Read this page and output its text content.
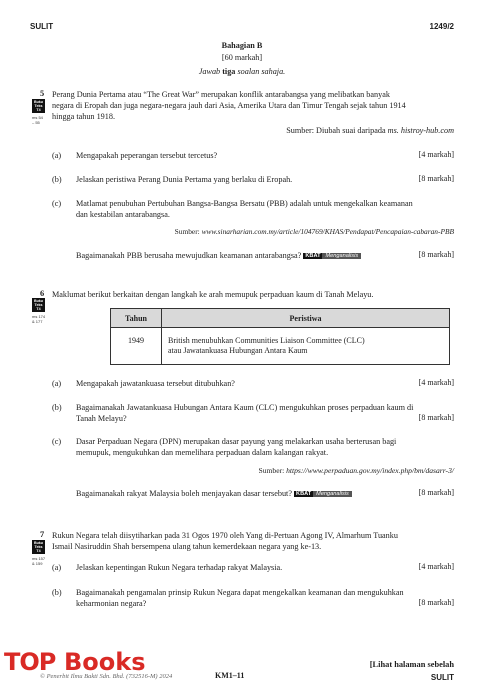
SULIT	1249/2
Bahagian B
[60 markah]
Jawab tiga soalan sahaja.
5
Buku
Teks
T4
ms 54
– 55
Perang Dunia Pertama atau “The Great War” merupakan konflik antarabangsa yang melibatkan banyak
negara di Eropah dan juga negara-negara jauh dari Asia, Amerika Utara dan Timur Tengah sejak tahun 1914
hingga tahun 1918.
Sumber: Diubah suai daripada ms. histroy-hub.com
(a) Mengapakah peperangan tersebut tercetus?	[4 markah]
(b) Jelaskan peristiwa Perang Dunia Pertama yang berlaku di Eropah.	[8 markah]
(c) Matlamat penubuhan Pertubuhan Bangsa-Bangsa Bersatu (PBB) adalah untuk mengekalkan keamanan
dan kestabilan antarabangsa.
Sumber: www.sinarharian.com.my/article/104769/KHAS/Pendapat/Pencapaian-cabaran-PBB
Bagaimanakah PBB berusaha mewujudkan keamanan antarabangsa? KBAT Menganalisis	[8 markah]
6 Maklumat berikut berkaitan dengan langkah ke arah memupuk perpaduan kaum di Tanah Melayu.
Buku
Teks
T4
ms 174
& 177	Tahun	Peristiwa
1949	British menubuhkan Communities Liaison Committee (CLC)
atau Jawatankuasa Hubungan Antara Kaum
(a) Mengapakah jawatankuasa tersebut ditubuhkan?	[4 markah]
(b) Bagaimanakah Jawatankuasa Hubungan Antara Kaum (CLC) mengukuhkan proses perpaduan kaum di
Tanah Melayu?	[8 markah]
(c) Dasar Perpaduan Negara (DPN) merupakan dasar payung yang melakarkan usaha berterusan bagi
memupuk, mengukuhkan dan memelihara perpaduan dalam kalangan rakyat.
Sumber: https://www.perpaduan.gov.my/index.php/bm/dasarr-3/
Bagaimanakah rakyat Malaysia boleh menjayakan dasar tersebut? KBAT Menganalisis	[8 markah]
7 Rukun Negara telah diisytiharkan pada 31 Ogos 1970 oleh Yang di-Pertuan Agong IV, Almarhum Tuanku
Ismail Nasiruddin Shah bersempena ulang tahun kemerdekaan negara yang ke-13.
Buku
Teks
T4
ms 157
& 159	(a) Jelaskan kepentingan Rukun Negara terhadap rakyat Malaysia.	[4 markah]
(b) Bagaimanakah pengamalan prinsip Rukun Negara dapat mengekalkan keamanan dan mengukuhkan
keharmonian negara?	[8 markah]
TOP Books
© Penerbit Ilmu Bakti Sdn. Bhd. (732516-M) 2024	KM1–11
[Lihat halaman sebelah
SULIT
